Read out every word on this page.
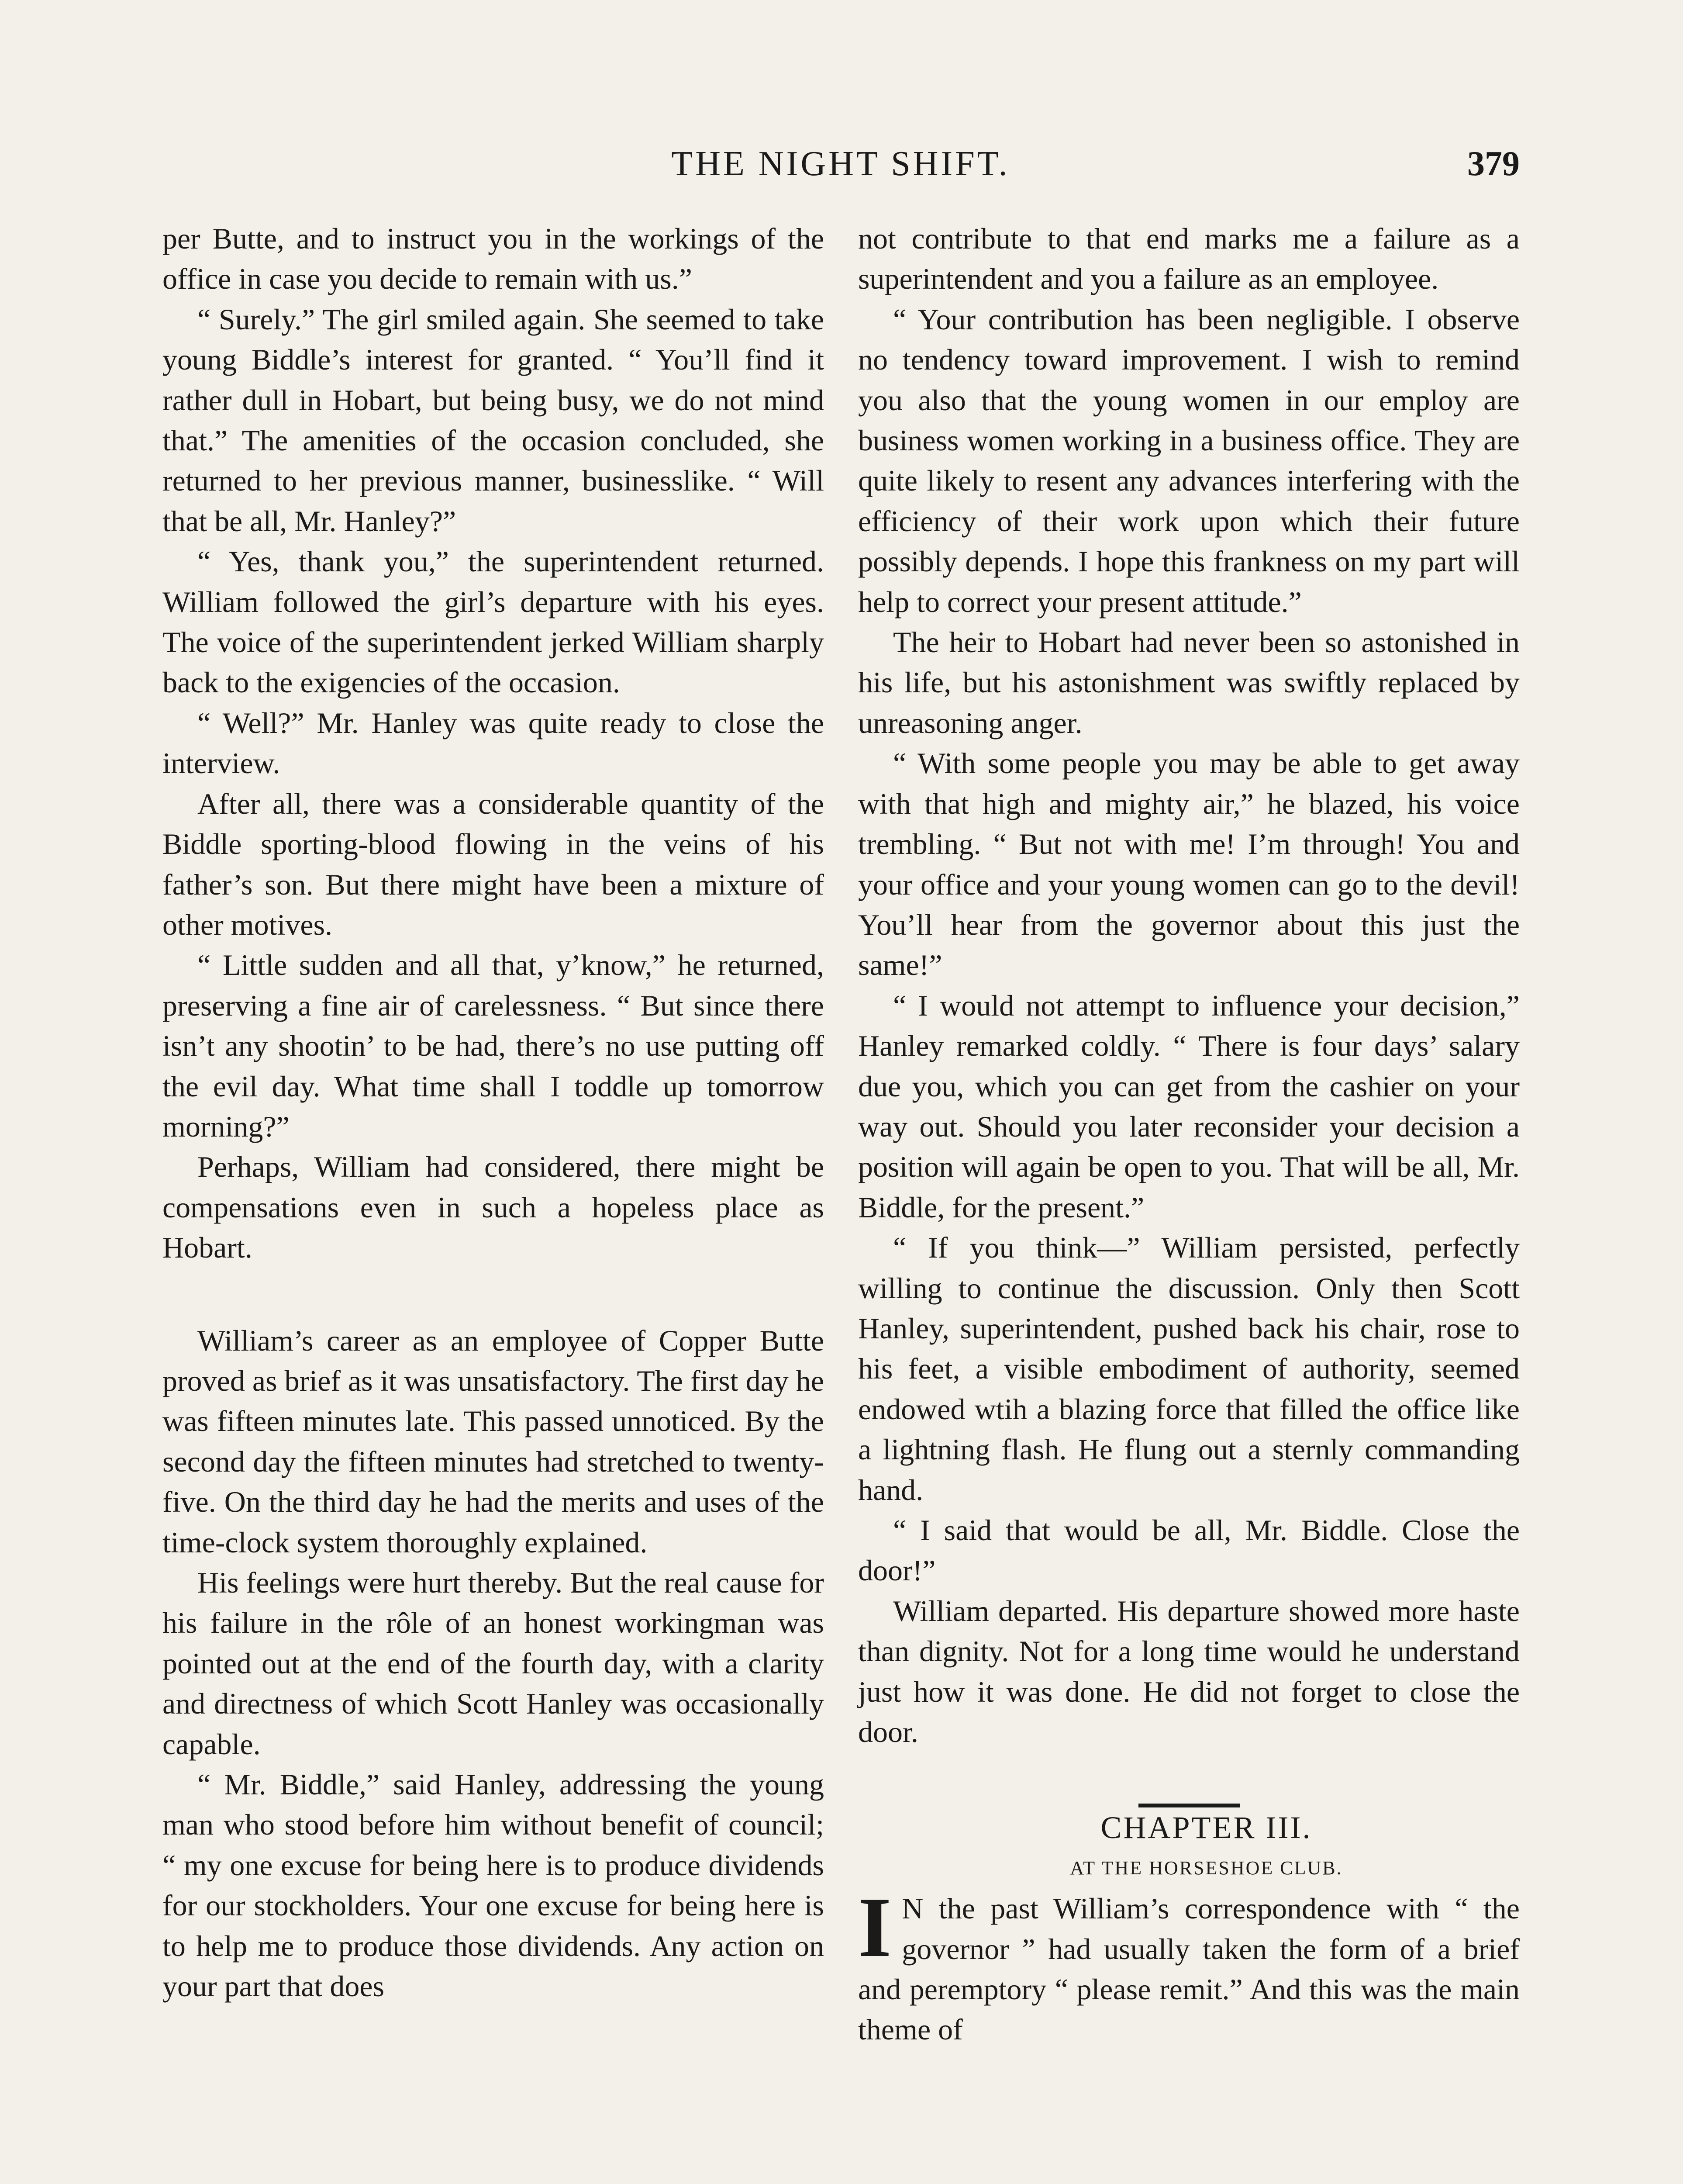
THE NIGHT SHIFT.	379

per Butte, and to instruct you in the workings of the office in case you decide to remain with us.”

“ Surely.” The girl smiled again. She seemed to take young Biddle’s interest for granted. “ You’ll find it rather dull in Hobart, but being busy, we do not mind that.” The amenities of the occasion concluded, she returned to her previous manner, businesslike. “ Will that be all, Mr. Hanley?”

“ Yes, thank you,” the superintendent returned. William followed the girl’s departure with his eyes. The voice of the superintendent jerked William sharply back to the exigencies of the occasion.

“ Well?” Mr. Hanley was quite ready to close the interview.

After all, there was a considerable quantity of the Biddle sporting-blood flowing in the veins of his father’s son. But there might have been a mixture of other motives.

“ Little sudden and all that, y’know,” he returned, preserving a fine air of carelessness. “ But since there isn’t any shootin’ to be had, there’s no use putting off the evil day. What time shall I toddle up tomorrow morning?”

Perhaps, William had considered, there might be compensations even in such a hopeless place as Hobart.

William’s career as an employee of Copper Butte proved as brief as it was unsatisfactory. The first day he was fifteen minutes late. This passed unnoticed. By the second day the fifteen minutes had stretched to twenty-five. On the third day he had the merits and uses of the time-clock system thoroughly explained.

His feelings were hurt thereby. But the real cause for his failure in the rôle of an honest workingman was pointed out at the end of the fourth day, with a clarity and directness of which Scott Hanley was occasionally capable.

“ Mr. Biddle,” said Hanley, addressing the young man who stood before him without benefit of council; “ my one excuse for being here is to produce dividends for our stockholders. Your one excuse for being here is to help me to produce those dividends. Any action on your part that does

not contribute to that end marks me a failure as a superintendent and you a failure as an employee.

“ Your contribution has been negligible. I observe no tendency toward improvement. I wish to remind you also that the young women in our employ are business women working in a business office. They are quite likely to resent any advances interfering with the efficiency of their work upon which their future possibly depends. I hope this frankness on my part will help to correct your present attitude.”

The heir to Hobart had never been so astonished in his life, but his astonishment was swiftly replaced by unreasoning anger.

“ With some people you may be able to get away with that high and mighty air,” he blazed, his voice trembling. “ But not with me! I’m through! You and your office and your young women can go to the devil! You’ll hear from the governor about this just the same!”

“ I would not attempt to influence your decision,” Hanley remarked coldly. “ There is four days’ salary due you, which you can get from the cashier on your way out. Should you later reconsider your decision a position will again be open to you. That will be all, Mr. Biddle, for the present.”

“ If you think—” William persisted, perfectly willing to continue the discussion. Only then Scott Hanley, superintendent, pushed back his chair, rose to his feet, a visible embodiment of authority, seemed endowed wtih a blazing force that filled the office like a lightning flash. He flung out a sternly commanding hand.

“ I said that would be all, Mr. Biddle. Close the door!”

William departed. His departure showed more haste than dignity. Not for a long time would he understand just how it was done. He did not forget to close the door.

CHAPTER III.

AT THE HORSESHOE CLUB.

I N the past William’s correspondence with “ the governor ” had usually taken the form of a brief and peremptory “ please remit.” And this was the main theme of
